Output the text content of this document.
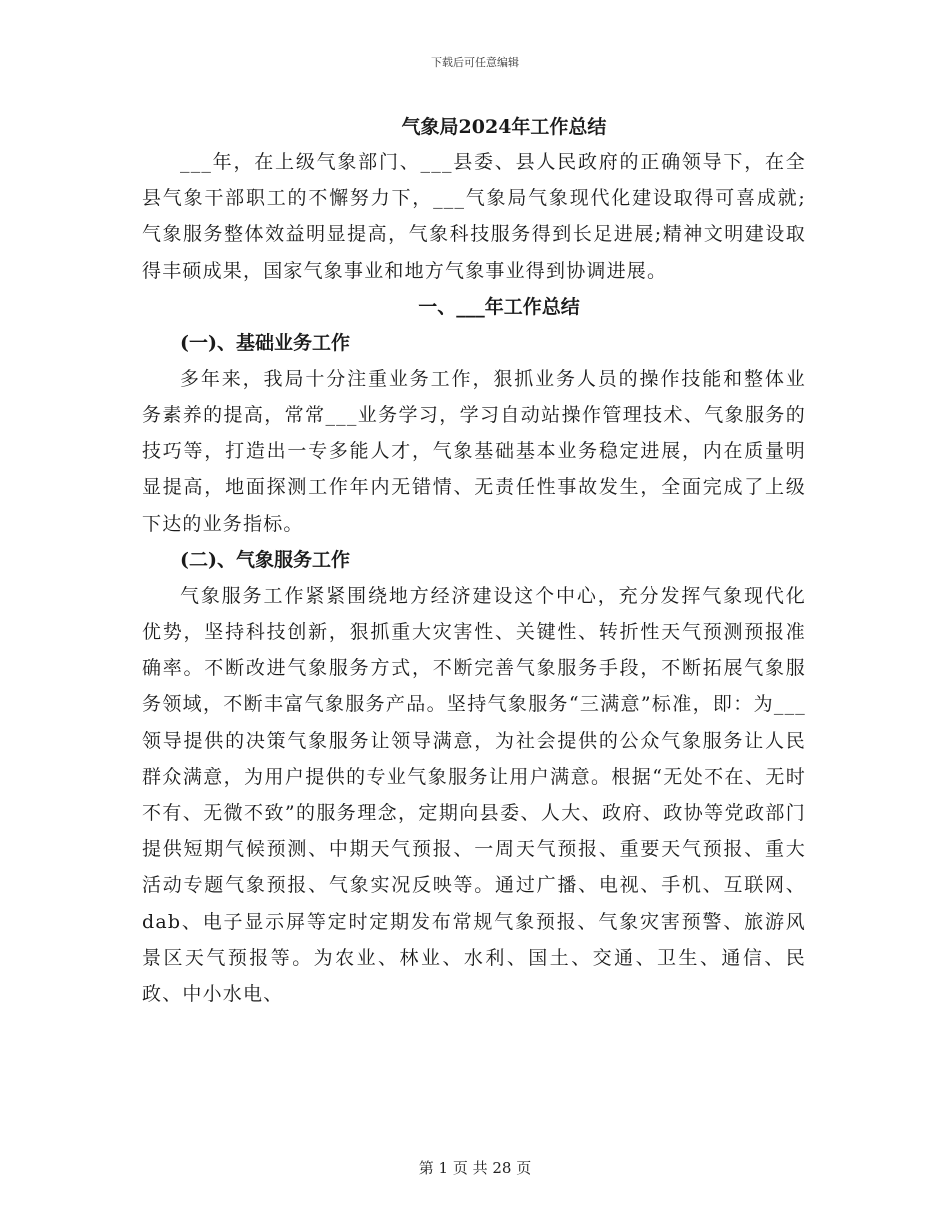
下载后可任意编辑
气象局2024年工作总结

___年，在上级气象部门、___县委、县人民政府的正确领导下，在全县气象干部职工的不懈努力下，___气象局气象现代化建设取得可喜成就;气象服务整体效益明显提高，气象科技服务得到长足进展;精神文明建设取得丰硕成果，国家气象事业和地方气象事业得到协调进展。

一、___年工作总结
(一)、基础业务工作

多年来，我局十分注重业务工作，狠抓业务人员的操作技能和整体业务素养的提高，常常___业务学习，学习自动站操作管理技术、气象服务的技巧等，打造出一专多能人才，气象基础基本业务稳定进展，内在质量明显提高，地面探测工作年内无错情、无责任性事故发生，全面完成了上级下达的业务指标。

(二)、气象服务工作

气象服务工作紧紧围绕地方经济建设这个中心，充分发挥气象现代化优势，坚持科技创新，狠抓重大灾害性、关键性、转折性天气预测预报准确率。不断改进气象服务方式，不断完善气象服务手段，不断拓展气象服务领域，不断丰富气象服务产品。坚持气象服务“三满意”标准，即：为___领导提供的决策气象服务让领导满意，为社会提供的公众气象服务让人民群众满意，为用户提供的专业气象服务让用户满意。根据“无处不在、无时不有、无微不致”的服务理念，定期向县委、人大、政府、政协等党政部门提供短期气候预测、中期天气预报、一周天气预报、重要天气预报、重大活动专题气象预报、气象实况反映等。通过广播、电视、手机、互联网、dab、电子显示屏等定时定期发布常规气象预报、气象灾害预警、旅游风景区天气预报等。为农业、林业、水利、国土、交通、卫生、通信、民政、中小水电、

第 1 页 共 28 页
